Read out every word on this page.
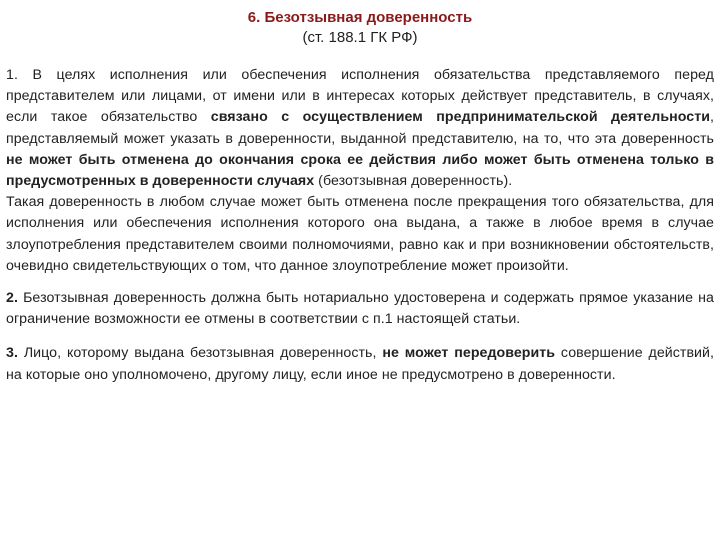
6. Безотзывная доверенность

(ст. 188.1 ГК РФ)

1. В целях исполнения или обеспечения исполнения обязательства представляемого перед представителем или лицами, от имени или в интересах которых действует представитель, в случаях, если такое обязательство связано с осуществлением предпринимательской деятельности, представляемый может указать в доверенности, выданной представителю, на то, что эта доверенность не может быть отменена до окончания срока ее действия либо может быть отменена только в предусмотренных в доверенности случаях (безотзывная доверенность).

Такая доверенность в любом случае может быть отменена после прекращения того обязательства, для исполнения или обеспечения исполнения которого она выдана, а также в любое время в случае злоупотребления представителем своими полномочиями, равно как и при возникновении обстоятельств, очевидно свидетельствующих о том, что данное злоупотребление может произойти.

2. Безотзывная доверенность должна быть нотариально удостоверена и содержать прямое указание на ограничение возможности ее отмены в соответствии с п.1 настоящей статьи.

3. Лицо, которому выдана безотзывная доверенность, не может передоверить совершение действий, на которые оно уполномочено, другому лицу, если иное не предусмотрено в доверенности.
